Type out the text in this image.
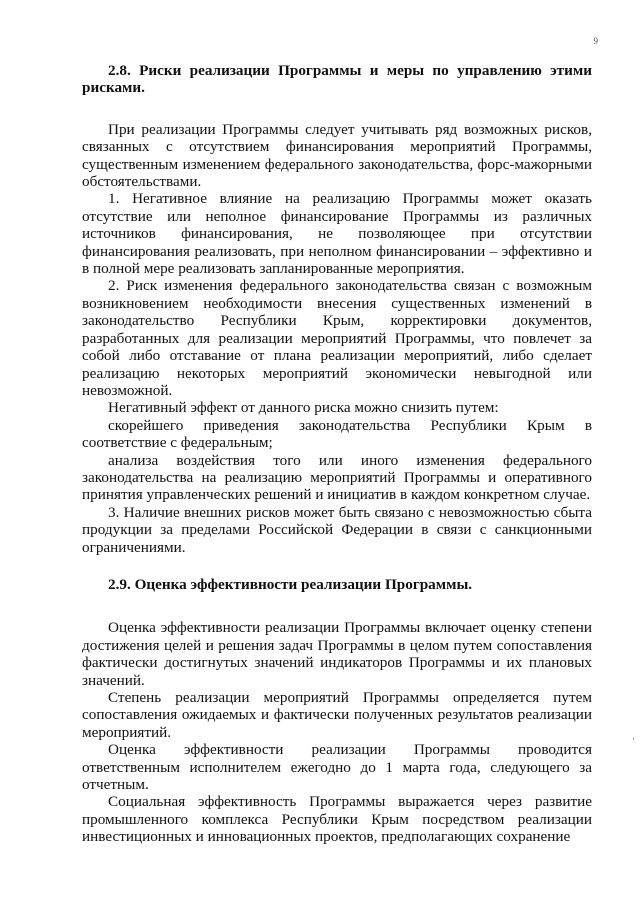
9
2.8. Риски реализации Программы и меры по управлению этими рисками.

При реализации Программы следует учитывать ряд возможных рисков, связанных с отсутствием финансирования мероприятий Программы, существенным изменением федерального законодательства, форс-мажорными обстоятельствами.

1. Негативное влияние на реализацию Программы может оказать отсутствие или неполное финансирование Программы из различных источников финансирования, не позволяющее при отсутствии финансирования реализовать, при неполном финансировании – эффективно и в полной мере реализовать запланированные мероприятия.

2. Риск изменения федерального законодательства связан с возможным возникновением необходимости внесения существенных изменений в законодательство Республики Крым, корректировки документов, разработанных для реализации мероприятий Программы, что повлечет за собой либо отставание от плана реализации мероприятий, либо сделает реализацию некоторых мероприятий экономически невыгодной или невозможной.

Негативный эффект от данного риска можно снизить путем:

скорейшего приведения законодательства Республики Крым в соответствие с федеральным;

анализа воздействия того или иного изменения федерального законодательства на реализацию мероприятий Программы и оперативного принятия управленческих решений и инициатив в каждом конкретном случае.

3. Наличие внешних рисков может быть связано с невозможностью сбыта продукции за пределами Российской Федерации в связи с санкционными ограничениями.

2.9. Оценка эффективности реализации Программы.

Оценка эффективности реализации Программы включает оценку степени достижения целей и решения задач Программы в целом путем сопоставления фактически достигнутых значений индикаторов Программы и их плановых значений.

Степень реализации мероприятий Программы определяется путем сопоставления ожидаемых и фактически полученных результатов реализации мероприятий.

Оценка эффективности реализации Программы проводится ответственным исполнителем ежегодно до 1 марта года, следующего за отчетным.

Социальная эффективность Программы выражается через развитие промышленного комплекса Республики Крым посредством реализации инвестиционных и инновационных проектов, предполагающих сохранение
